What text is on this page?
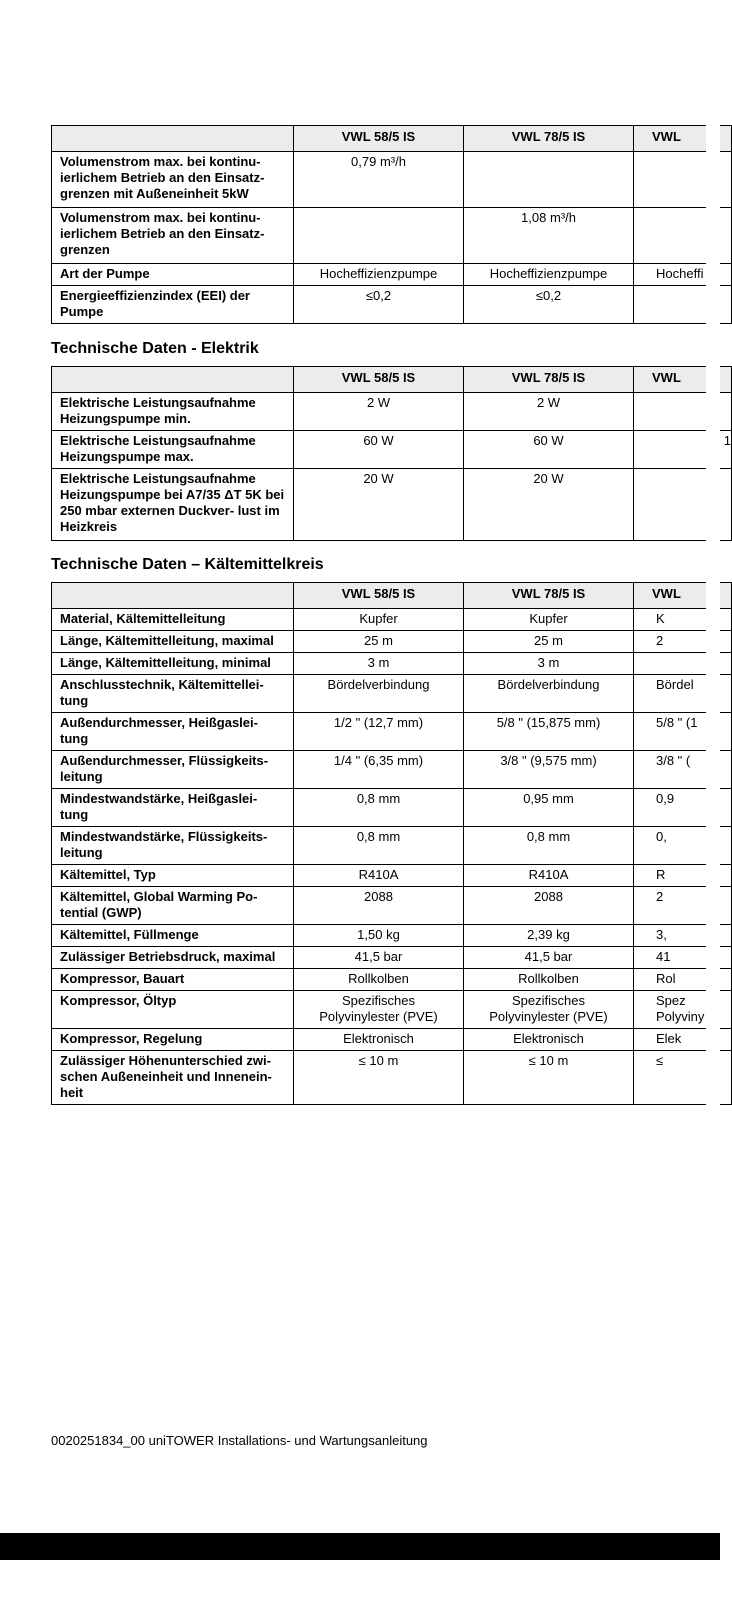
	VWL 58/5 IS	VWL 78/5 IS	VWL
Volumenstrom max. bei kontinu- ierlichem Betrieb an den Einsatz- grenzen mit Außeneinheit 5kW	0,79 m³/h		
Volumenstrom max. bei kontinu- ierlichem Betrieb an den Einsatz- grenzen		1,08 m³/h	
Art der Pumpe	Hocheffizienzpumpe	Hocheffizienzpumpe	Hocheffi
Energieeffizienzindex (EEI) der Pumpe	≤0,2	≤0,2	
Technische Daten - Elektrik
	VWL 58/5 IS	VWL 78/5 IS	VWL
Elektrische Leistungsaufnahme Heizungspumpe min.	2 W	2 W	
Elektrische Leistungsaufnahme Heizungspumpe max.	60 W	60 W	1
Elektrische Leistungsaufnahme Heizungspumpe bei A7/35 ΔT 5K bei 250 mbar externen Duckver- lust im Heizkreis	20 W	20 W	
Technische Daten – Kältemittelkreis
	VWL 58/5 IS	VWL 78/5 IS	VWL
Material, Kältemittelleitung	Kupfer	Kupfer	K
Länge, Kältemittelleitung, maximal	25 m	25 m	2
Länge, Kältemittelleitung, minimal	3 m	3 m	
Anschlusstechnik, Kältemittellei- tung	Bördelverbindung	Bördelverbindung	Bördel
Außendurchmesser, Heißgaslei- tung	1/2 " (12,7 mm)	5/8 " (15,875 mm)	5/8 " (1
Außendurchmesser, Flüssigkeits- leitung	1/4 " (6,35 mm)	3/8 " (9,575 mm)	3/8 " (
Mindestwandstärke, Heißgaslei- tung	0,8 mm	0,95 mm	0,9
Mindestwandstärke, Flüssigkeits- leitung	0,8 mm	0,8 mm	0,
Kältemittel, Typ	R410A	R410A	R
Kältemittel, Global Warming Po- tential (GWP)	2088	2088	2
Kältemittel, Füllmenge	1,50 kg	2,39 kg	3,
Zulässiger Betriebsdruck, maximal	41,5 bar	41,5 bar	41
Kompressor, Bauart	Rollkolben	Rollkolben	Rol
Kompressor, Öltyp	Spezifisches Polyvinylester (PVE)	Spezifisches Polyvinylester (PVE)	Spez Polyviny
Kompressor, Regelung	Elektronisch	Elektronisch	Elek
Zulässiger Höhenunterschied zwi- schen Außeneinheit und Innenein- heit	≤ 10 m	≤ 10 m	≤
0020251834_00 uniTOWER Installations- und Wartungsanleitung
